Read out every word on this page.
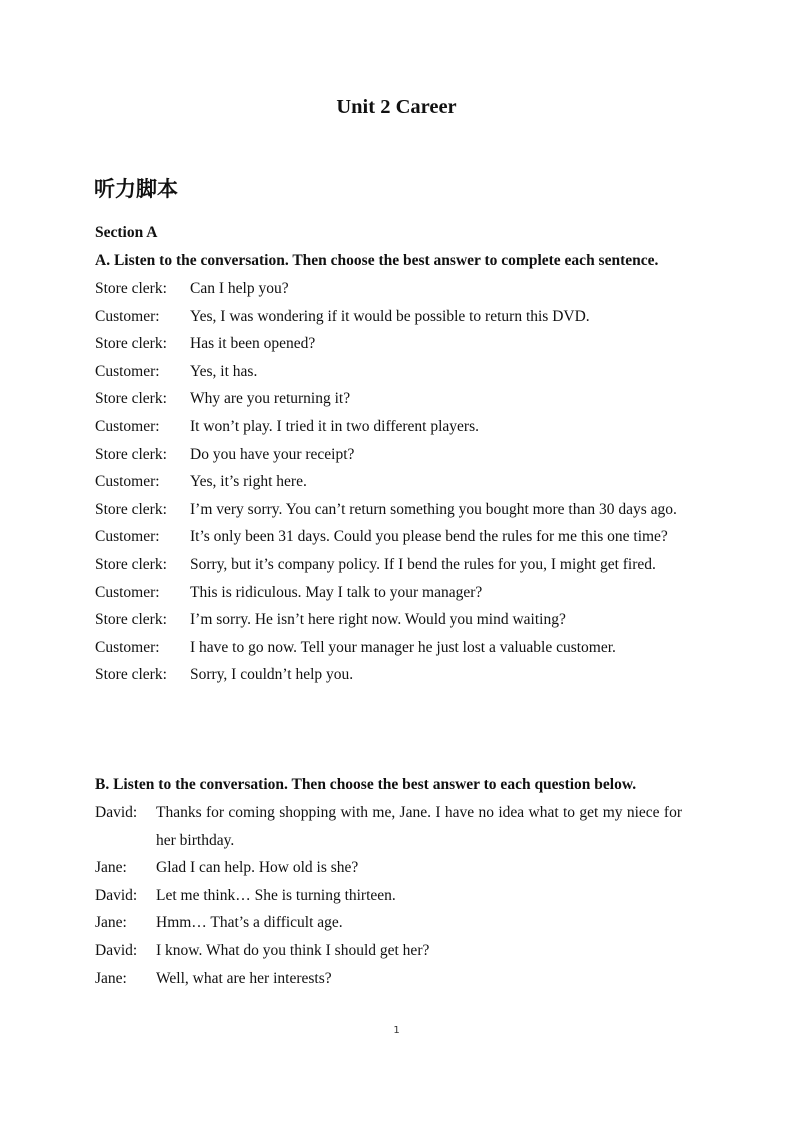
Unit 2 Career
听力脚本
Section A
A. Listen to the conversation. Then choose the best answer to complete each sentence.
Store clerk:	Can I help you?
Customer:	Yes, I was wondering if it would be possible to return this DVD.
Store clerk:	Has it been opened?
Customer:	Yes, it has.
Store clerk:	Why are you returning it?
Customer:	It won’t play. I tried it in two different players.
Store clerk:	Do you have your receipt?
Customer:	Yes, it’s right here.
Store clerk:	I’m very sorry. You can’t return something you bought more than 30 days ago.
Customer:	It’s only been 31 days. Could you please bend the rules for me this one time?
Store clerk:	Sorry, but it’s company policy. If I bend the rules for you, I might get fired.
Customer:	This is ridiculous. May I talk to your manager?
Store clerk:	I’m sorry. He isn’t here right now. Would you mind waiting?
Customer:	I have to go now. Tell your manager he just lost a valuable customer.
Store clerk:	Sorry, I couldn’t help you.
B. Listen to the conversation. Then choose the best answer to each question below.
David:	Thanks for coming shopping with me, Jane. I have no idea what to get my niece for her birthday.
Jane:	Glad I can help. How old is she?
David:	Let me think… She is turning thirteen.
Jane:	Hmm… That’s a difficult age.
David:	I know. What do you think I should get her?
Jane:	Well, what are her interests?
1
